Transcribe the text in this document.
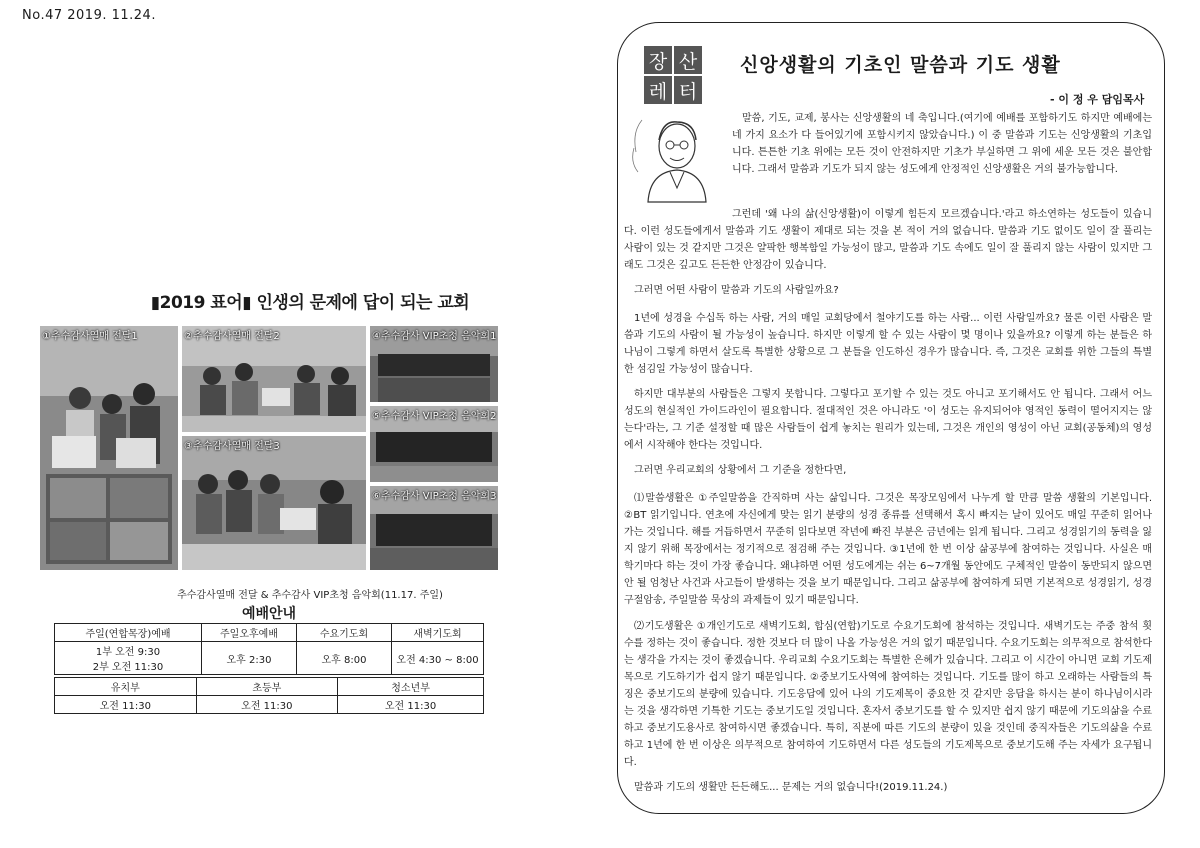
No.47 2019. 11.24.
▮2019 표어▮ 인생의 문제에 답이 되는 교회
①추수감사열매 전달1	②추수감사열매 전달2
③추수감사열매 전달3
④추수감사 VIP초청 음악회1
⑤추수감사 VIP초청 음악회2
⑥추수감사 VIP초청 음악회3
추수감사열매 전달 & 추수감사 VIP초청 음악회(11.17. 주일)
예배안내
주일(연합목장)예배	주일오후예배	수요기도회	새벽기도회

1부 오전 9:30
2부 오전 11:30	오후 2:30	오후 8:00	오전 4:30 ~ 8:00
유치부	초등부	청소년부
오전 11:30	오전 11:30	오전 11:30
장 산
레 터
신앙생활의 기초인 말씀과 기도 생활
- 이 정 우 담임목사

말씀, 기도, 교제, 봉사는 신앙생활의 네 축입니다.(여기에 예배를 포함하기도 하지만 예배에는 네 가지 요소가 다 들어있기에 포함시키지 않았습니다.) 이 중 말씀과 기도는 신앙생활의 기초입니다. 튼튼한 기초 위에는 모든 것이 안전하지만 기초가 부실하면 그 위에 세운 모든 것은 불안합니다. 그래서 말씀과 기도가 되지 않는 성도에게 안정적인 신앙생활은 거의 불가능합니다.

그런데 '왜 나의 삶(신앙생활)이 이렇게 힘든지 모르겠습니다.'라고 하소연하는 성도들이 있습니다. 이런 성도들에게서 말씀과 기도 생활이 제대로 되는 것을 본 적이 거의 없습니다. 말씀과 기도 없이도 일이 잘 풀리는 사람이 있는 것 같지만 그것은 얄팍한 행복함일 가능성이 많고, 말씀과 기도 속에도 일이 잘 풀리지 않는 사람이 있지만 그래도 그것은 깊고도 든든한 안정감이 있습니다.

그러면 어떤 사람이 말씀과 기도의 사람일까요?

1년에 성경을 수십독 하는 사람, 거의 매일 교회당에서 철야기도를 하는 사람... 이런 사람일까요? 물론 이런 사람은 말씀과 기도의 사람이 될 가능성이 높습니다. 하지만 이렇게 할 수 있는 사람이 몇 명이나 있을까요? 이렇게 하는 분들은 하나님이 그렇게 하면서 살도록 특별한 상황으로 그 분들을 인도하신 경우가 많습니다. 즉, 그것은 교회를 위한 그들의 특별한 섬김일 가능성이 많습니다.

하지만 대부분의 사람들은 그렇지 못합니다. 그렇다고 포기할 수 있는 것도 아니고 포기해서도 안 됩니다. 그래서 어느 성도의 현실적인 가이드라인이 필요합니다. 절대적인 것은 아니라도 '이 성도는 유지되어야 영적인 동력이 떨어지지는 않는다'라는, 그 기준 설정할 때 많은 사람들이 쉽게 놓치는 원리가 있는데, 그것은 개인의 영성이 아닌 교회(공동체)의 영성에서 시작해야 한다는 것입니다.

그러면 우리교회의 상황에서 그 기준을 정한다면,

⑴말씀생활은 ①주일말씀을 간직하며 사는 삶입니다. 그것은 목장모임에서 나누게 할 만큼 말씀 생활의 기본입니다. ②BT 읽기입니다. 연초에 자신에게 맞는 읽기 분량의 성경 종류를 선택해서 혹시 빠지는 날이 있어도 매일 꾸준히 읽어나가는 것입니다. 해를 거듭하면서 꾸준히 읽다보면 작년에 빠진 부분은 금년에는 읽게 됩니다. 그리고 성경읽기의 동력을 잃지 않기 위해 목장에서는 정기적으로 점검해 주는 것입니다. ③1년에 한 번 이상 삶공부에 참여하는 것입니다. 사실은 매 학기마다 하는 것이 가장 좋습니다. 왜냐하면 어떤 성도에게는 쉬는 6~7개월 동안에도 구체적인 말씀이 동반되지 않으면 안 될 엄청난 사건과 사고들이 발생하는 것을 보기 때문입니다. 그리고 삶공부에 참여하게 되면 기본적으로 성경읽기, 성경구절암송, 주일말씀 묵상의 과제들이 있기 때문입니다.

⑵기도생활은 ①개인기도로 새벽기도회, 합심(연합)기도로 수요기도회에 참석하는 것입니다. 새벽기도는 주중 참석 횟수를 정하는 것이 좋습니다. 정한 것보다 더 많이 나올 가능성은 거의 없기 때문입니다. 수요기도회는 의무적으로 참석한다는 생각을 가지는 것이 좋겠습니다. 우리교회 수요기도회는 특별한 은혜가 있습니다. 그리고 이 시간이 아니면 교회 기도제목으로 기도하기가 쉽지 않기 때문입니다. ②중보기도사역에 참여하는 것입니다. 기도를 많이 하고 오래하는 사람들의 특징은 중보기도의 분량에 있습니다. 기도응답에 있어 나의 기도제목이 중요한 것 같지만 응답을 하시는 분이 하나님이시라는 것을 생각하면 기특한 기도는 중보기도일 것입니다. 혼자서 중보기도를 할 수 있지만 쉽지 않기 때문에 기도의삶을 수료하고 중보기도용사로 참여하시면 좋겠습니다. 특히, 직분에 따른 기도의 분량이 있을 것인데 중직자들은 기도의삶을 수료하고 1년에 한 번 이상은 의무적으로 참여하여 기도하면서 다른 성도들의 기도제목으로 중보기도해 주는 자세가 요구됩니다.

말씀과 기도의 생활만 든든해도... 문제는 거의 없습니다!(2019.11.24.)
